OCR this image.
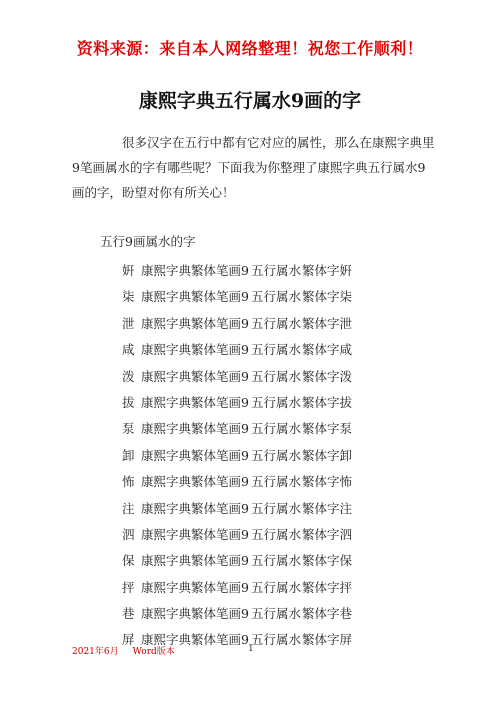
资料来源：来自本人网络整理！祝您工作顺利！
康熙字典五行属水9画的字

很多汉字在五行中都有它对应的属性，那么在康熙字典里

9笔画属水的字有哪些呢？下面我为你整理了康熙字典五行属水9

画的字，盼望对你有所关心！

五行9画属水的字
姸 康熙字典繁体笔画9 五行属水繁体字姸
柒 康熙字典繁体笔画9 五行属水繁体字柒
泄 康熙字典繁体笔画9 五行属水繁体字泄
咸 康熙字典繁体笔画9 五行属水繁体字咸
泼 康熙字典繁体笔画9 五行属水繁体字泼
拔 康熙字典繁体笔画9 五行属水繁体字拔
泵 康熙字典繁体笔画9 五行属水繁体字泵
卸 康熙字典繁体笔画9 五行属水繁体字卸
怖 康熙字典繁体笔画9 五行属水繁体字怖
注 康熙字典繁体笔画9 五行属水繁体字注
泗 康熙字典繁体笔画9 五行属水繁体字泗
保 康熙字典繁体笔画9 五行属水繁体字保
抨 康熙字典繁体笔画9 五行属水繁体字抨
巷 康熙字典繁体笔画9 五行属水繁体字巷
屏 康熙字典繁体笔画9 五行属水繁体字屏
2021年6月 Word版本	1
